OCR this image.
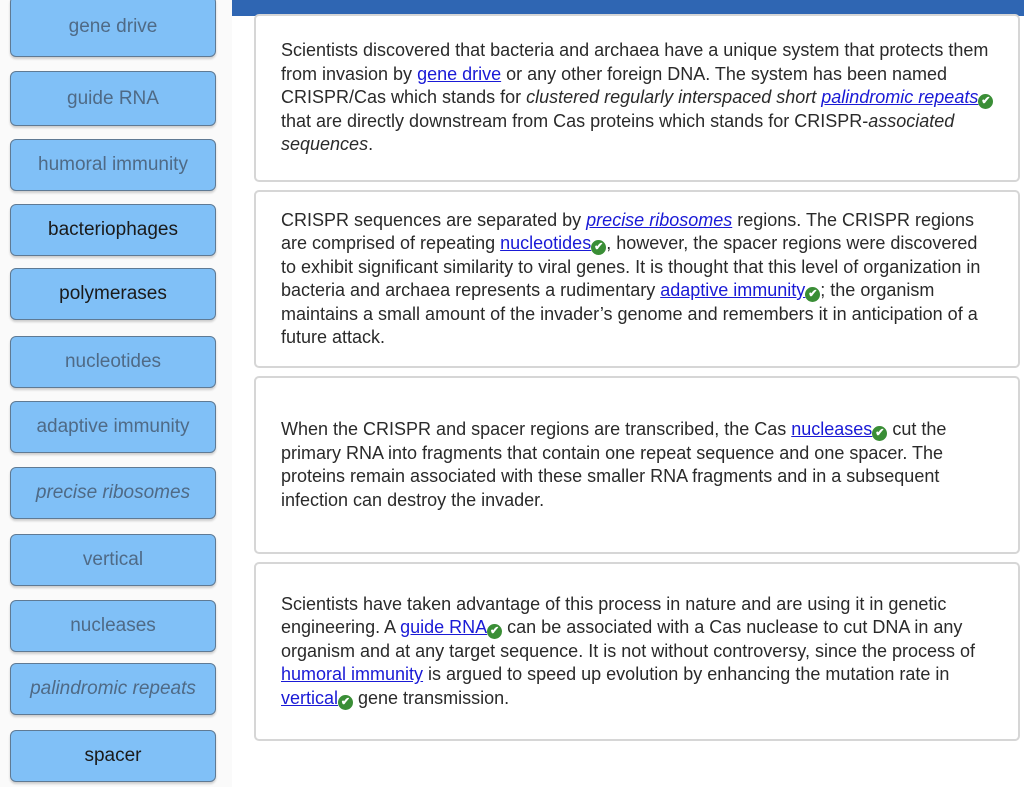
gene drive
guide RNA
humoral immunity
bacteriophages
polymerases
nucleotides
adaptive immunity
precise ribosomes
vertical
nucleases
palindromic repeats
spacer

Scientists discovered that bacteria and archaea have a unique system that protects them from invasion by gene drive or any other foreign DNA. The system has been named CRISPR/Cas which stands for clustered regularly interspaced short palindromic repeats ✔ that are directly downstream from Cas proteins which stands for CRISPR-associated sequences.

CRISPR sequences are separated by precise ribosomes regions. The CRISPR regions are comprised of repeating nucleotides ✔ , however, the spacer regions were discovered to exhibit significant similarity to viral genes. It is thought that this level of organization in bacteria and archaea represents a rudimentary adaptive immunity ✔ ; the organism maintains a small amount of the invader’s genome and remembers it in anticipation of a future attack.

When the CRISPR and spacer regions are transcribed, the Cas nucleases ✔ cut the primary RNA into fragments that contain one repeat sequence and one spacer. The proteins remain associated with these smaller RNA fragments and in a subsequent infection can destroy the invader.

Scientists have taken advantage of this process in nature and are using it in genetic engineering. A guide RNA ✔ can be associated with a Cas nuclease to cut DNA in any organism and at any target sequence. It is not without controversy, since the process of humoral immunity is argued to speed up evolution by enhancing the mutation rate in vertical ✔ gene transmission.
